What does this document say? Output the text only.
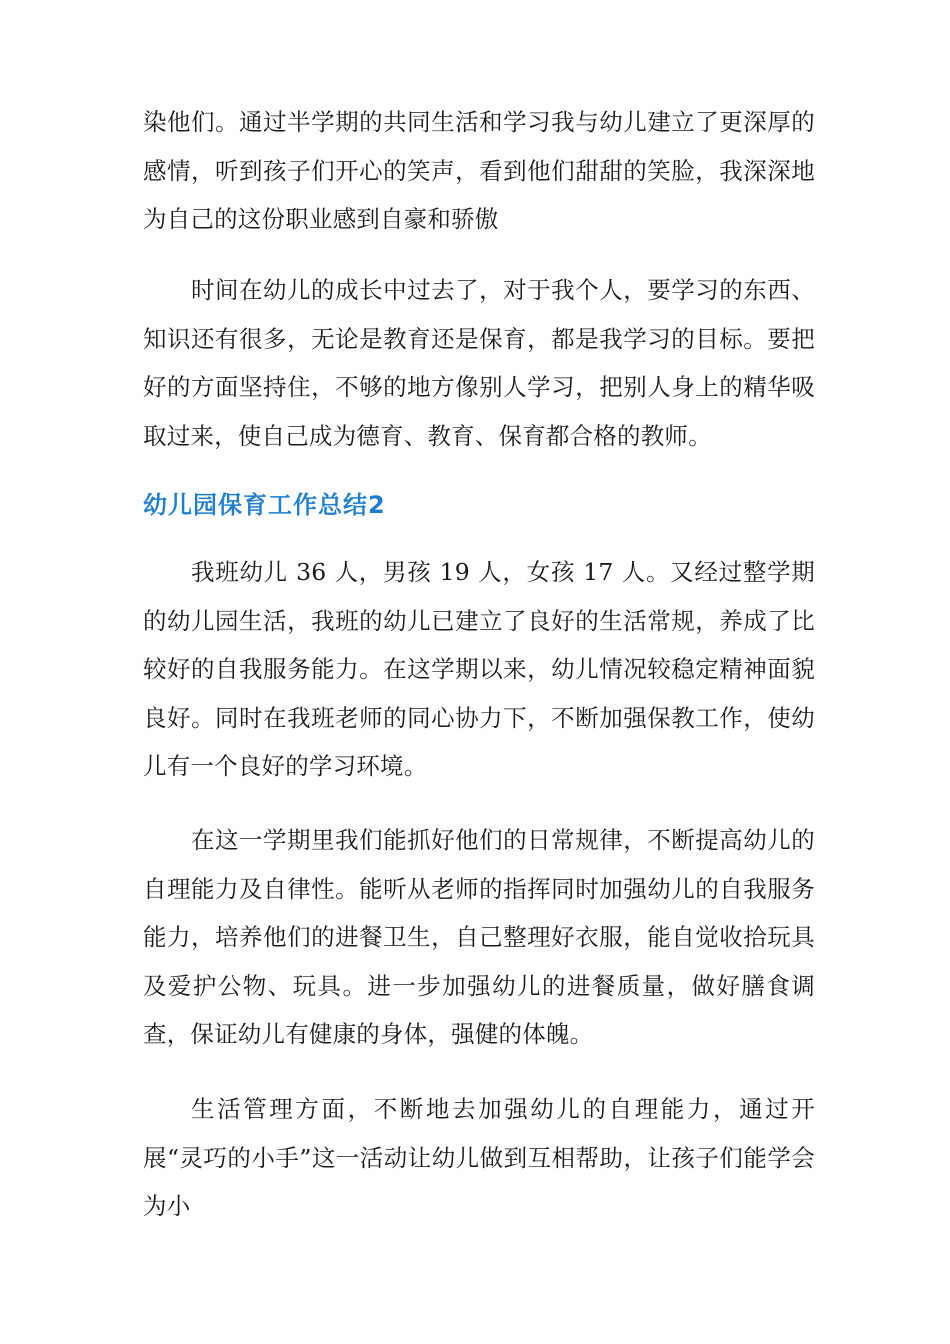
染他们。通过半学期的共同生活和学习我与幼儿建立了更深厚的感情，听到孩子们开心的笑声，看到他们甜甜的笑脸，我深深地为自己的这份职业感到自豪和骄傲

时间在幼儿的成长中过去了，对于我个人，要学习的东西、知识还有很多，无论是教育还是保育，都是我学习的目标。要把好的方面坚持住，不够的地方像别人学习，把别人身上的精华吸取过来，使自己成为德育、教育、保育都合格的教师。

幼儿园保育工作总结2

我班幼儿 36 人，男孩 19 人，女孩 17 人。又经过整学期的幼儿园生活，我班的幼儿已建立了良好的生活常规，养成了比较好的自我服务能力。在这学期以来，幼儿情况较稳定精神面貌良好。同时在我班老师的同心协力下，不断加强保教工作，使幼儿有一个良好的学习环境。

在这一学期里我们能抓好他们的日常规律，不断提高幼儿的自理能力及自律性。能听从老师的指挥同时加强幼儿的自我服务能力，培养他们的进餐卫生，自己整理好衣服，能自觉收拾玩具及爱护公物、玩具。进一步加强幼儿的进餐质量，做好膳食调查，保证幼儿有健康的身体，强健的体魄。

生活管理方面，不断地去加强幼儿的自理能力，通过开展“灵巧的小手”这一活动让幼儿做到互相帮助，让孩子们能学会为小
